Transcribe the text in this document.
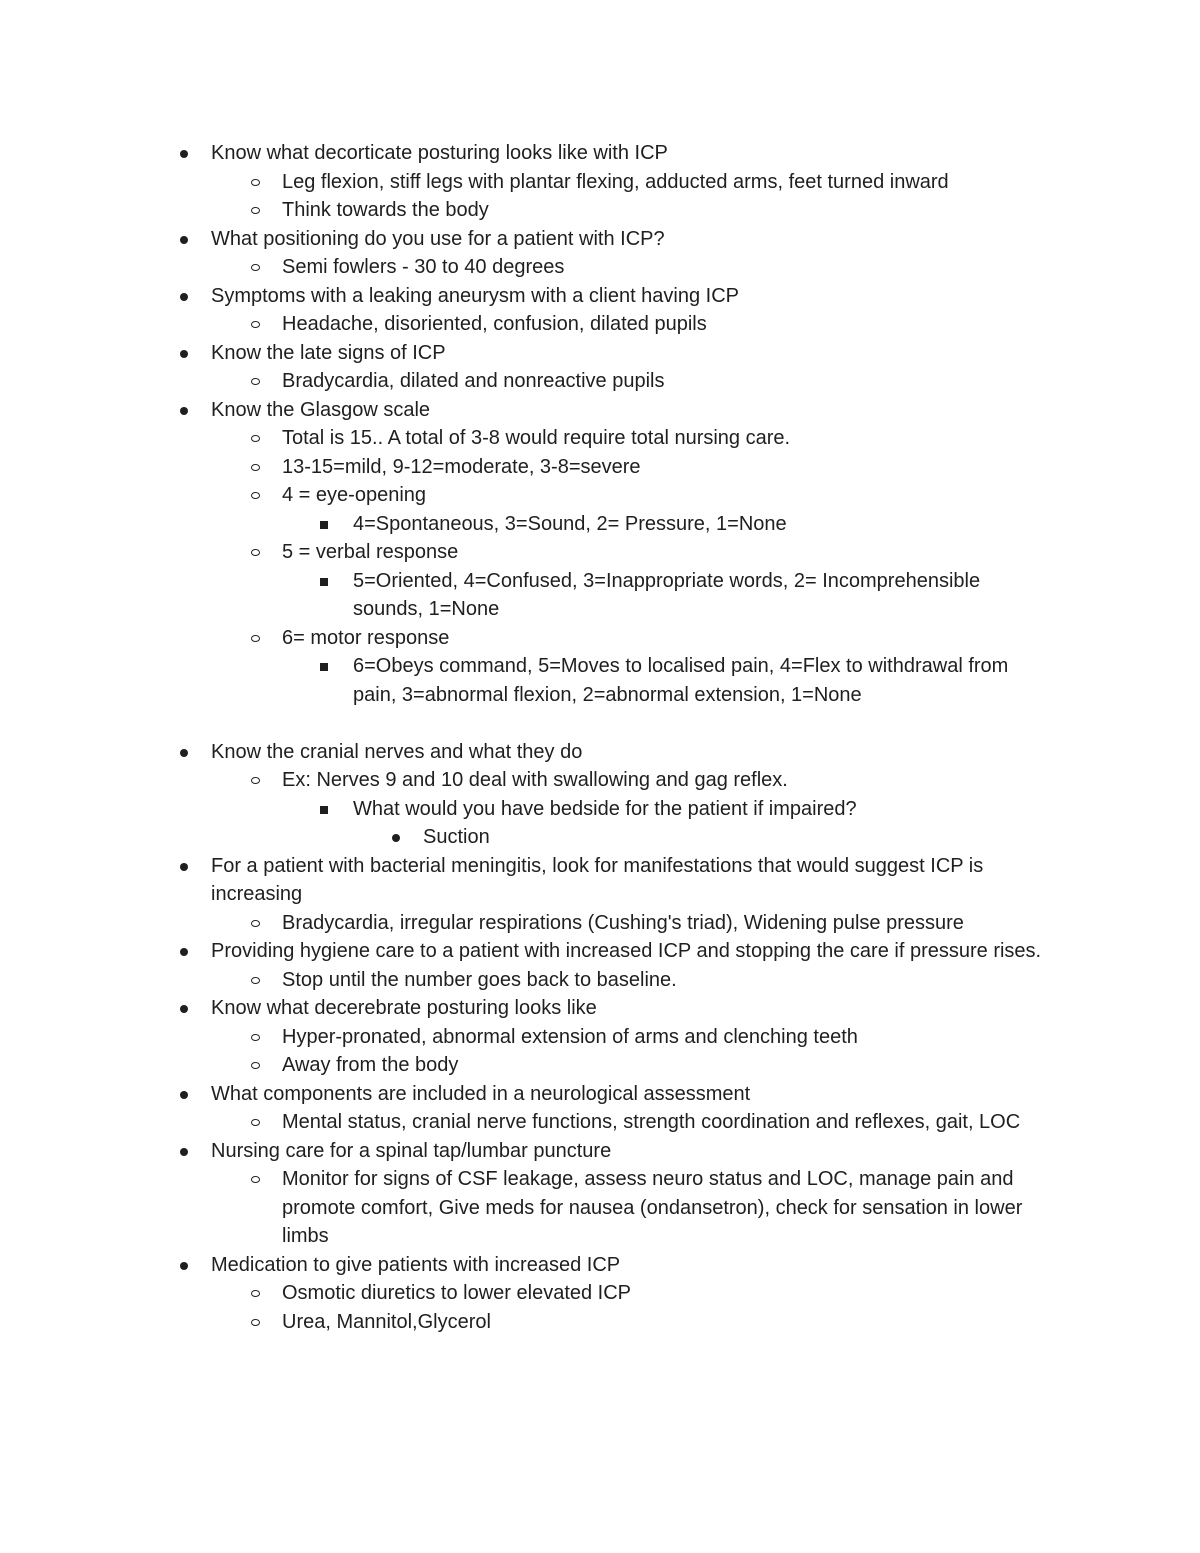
Know what decorticate posturing looks like with ICP
Leg flexion, stiff legs with plantar flexing, adducted arms, feet turned inward
Think towards the body
What positioning do you use for a patient with ICP?
Semi fowlers - 30 to 40 degrees
Symptoms with a leaking aneurysm with a client having ICP
Headache, disoriented, confusion, dilated pupils
Know the late signs of ICP
Bradycardia, dilated and nonreactive pupils
Know the Glasgow scale
Total is 15.. A total of 3-8 would require total nursing care.
13-15=mild, 9-12=moderate, 3-8=severe
4 = eye-opening
4=Spontaneous, 3=Sound, 2= Pressure, 1=None
5 = verbal response
5=Oriented, 4=Confused, 3=Inappropriate words, 2= Incomprehensible sounds, 1=None
6= motor response
6=Obeys command, 5=Moves to localised pain, 4=Flex to withdrawal from pain, 3=abnormal flexion, 2=abnormal extension, 1=None
Know the cranial nerves and what they do
Ex: Nerves 9 and 10 deal with swallowing and gag reflex.
What would you have bedside for the patient if impaired?
Suction
For a patient with bacterial meningitis, look for manifestations that would suggest ICP is increasing
Bradycardia, irregular respirations (Cushing's triad), Widening pulse pressure
Providing hygiene care to a patient with increased ICP and stopping the care if pressure rises.
Stop until the number goes back to baseline.
Know what decerebrate posturing looks like
Hyper-pronated, abnormal extension of arms and clenching teeth
Away from the body
What components are included in a neurological assessment
Mental status, cranial nerve functions, strength coordination and reflexes, gait, LOC
Nursing care for a spinal tap/lumbar puncture
Monitor for signs of CSF leakage, assess neuro status and LOC, manage pain and promote comfort, Give meds for nausea (ondansetron), check for sensation in lower limbs
Medication to give patients with increased ICP
Osmotic diuretics to lower elevated ICP
Urea, Mannitol,Glycerol
